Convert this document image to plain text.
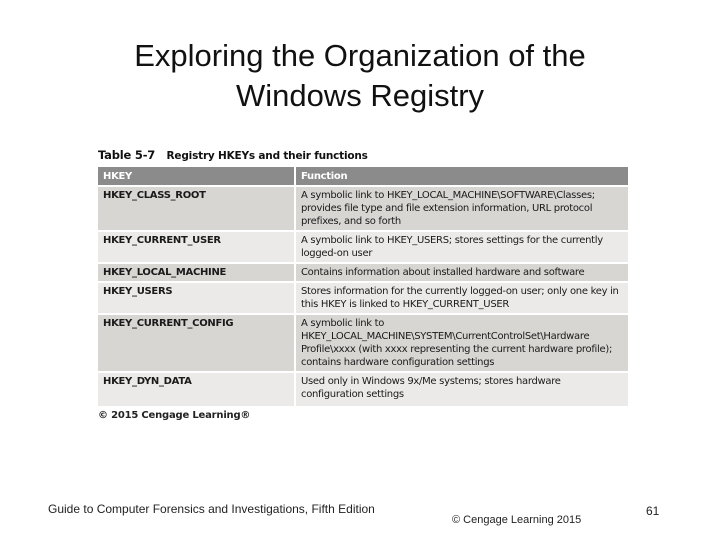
Exploring the Organization of the
Windows Registry
Table 5-7 Registry HKEYs and their functions
HKEY	Function
HKEY_CLASS_ROOT	A symbolic link to HKEY_LOCAL_MACHINE\SOFTWARE\Classes; provides file type and file extension information, URL protocol prefixes, and so forth
HKEY_CURRENT_USER	A symbolic link to HKEY_USERS; stores settings for the currently logged-on user
HKEY_LOCAL_MACHINE	Contains information about installed hardware and software
HKEY_USERS	Stores information for the currently logged-on user; only one key in this HKEY is linked to HKEY_CURRENT_USER
HKEY_CURRENT_CONFIG	A symbolic link to HKEY_LOCAL_MACHINE\SYSTEM\CurrentControlSet\Hardware Profile\xxxx (with xxxx representing the current hardware profile); contains hardware configuration settings
HKEY_DYN_DATA	Used only in Windows 9x/Me systems; stores hardware configuration settings
© 2015 Cengage Learning®
Guide to Computer Forensics and Investigations, Fifth Edition
© Cengage Learning 2015
61
